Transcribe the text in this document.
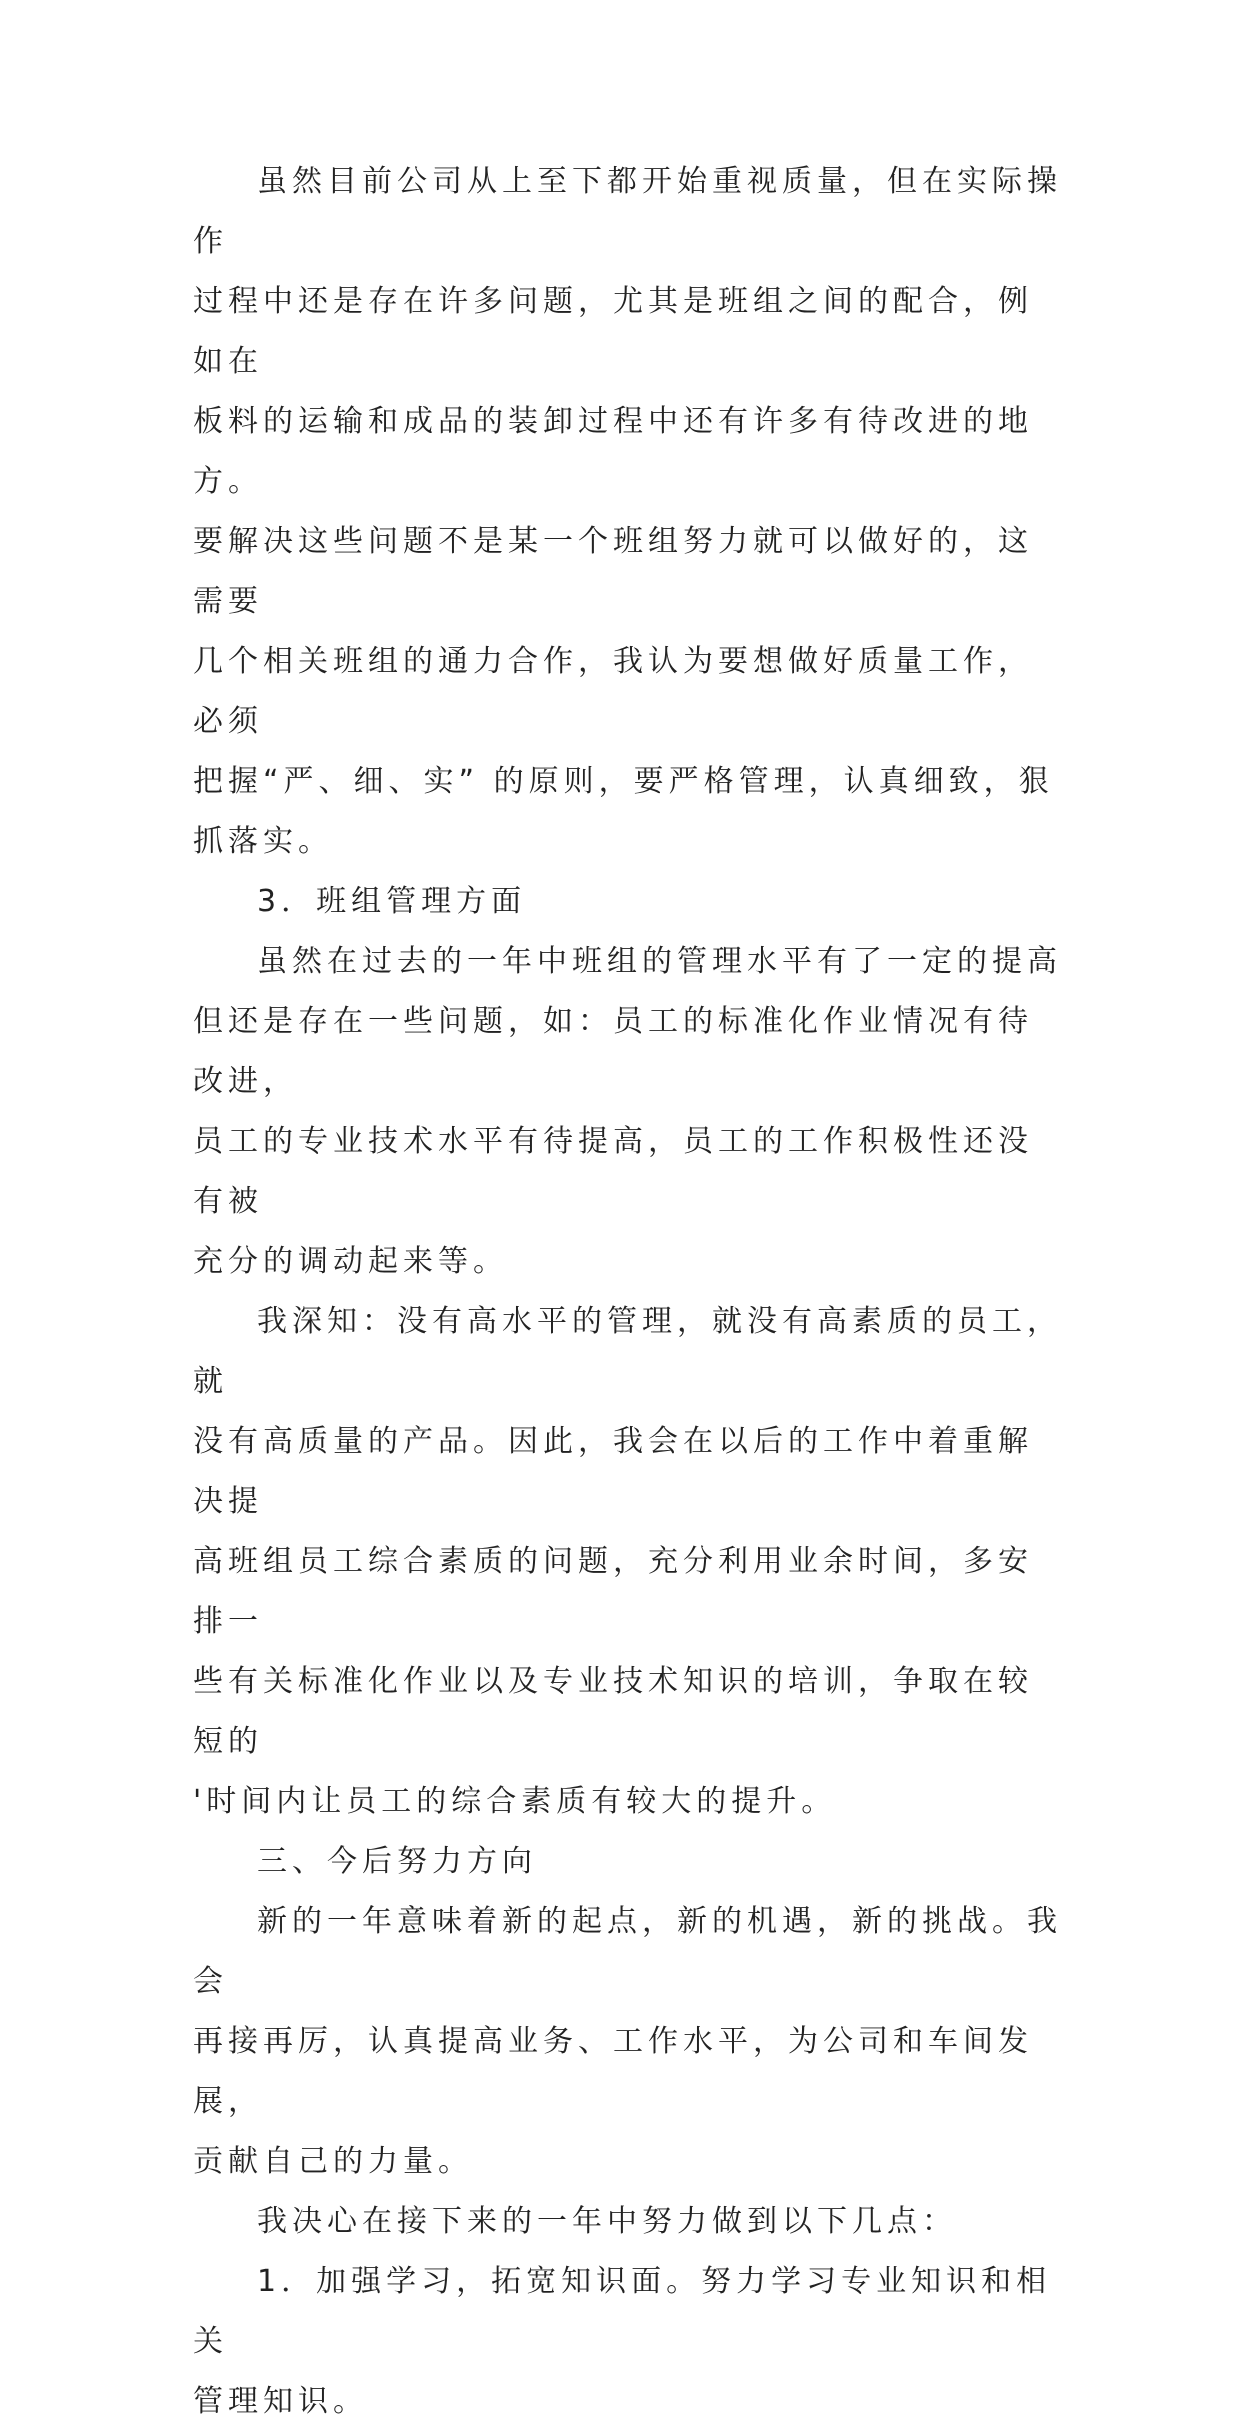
虽然目前公司从上至下都开始重视质量，但在实际操作
过程中还是存在许多问题，尤其是班组之间的配合，例如在
板料的运输和成品的装卸过程中还有许多有待改进的地方。
要解决这些问题不是某一个班组努力就可以做好的，这需要
几个相关班组的通力合作，我认为要想做好质量工作，必须
把握“严、细、实” 的原则，要严格管理，认真细致，狠
抓落实。

3．班组管理方面

虽然在过去的一年中班组的管理水平有了一定的提高
但还是存在一些问题，如：员工的标准化作业情况有待改进，
员工的专业技术水平有待提高，员工的工作积极性还没有被
充分的调动起来等。

我深知：没有高水平的管理，就没有高素质的员工，就
没有高质量的产品。因此，我会在以后的工作中着重解决提
高班组员工综合素质的问题，充分利用业余时间，多安排一
些有关标准化作业以及专业技术知识的培训，争取在较短的
'时间内让员工的综合素质有较大的提升。

三、今后努力方向

新的一年意味着新的起点，新的机遇，新的挑战。我会
再接再厉，认真提高业务、工作水平，为公司和车间发展，
贡献自己的力量。

我决心在接下来的一年中努力做到以下几点：

1．加强学习，拓宽知识面。努力学习专业知识和相关
管理知识。
